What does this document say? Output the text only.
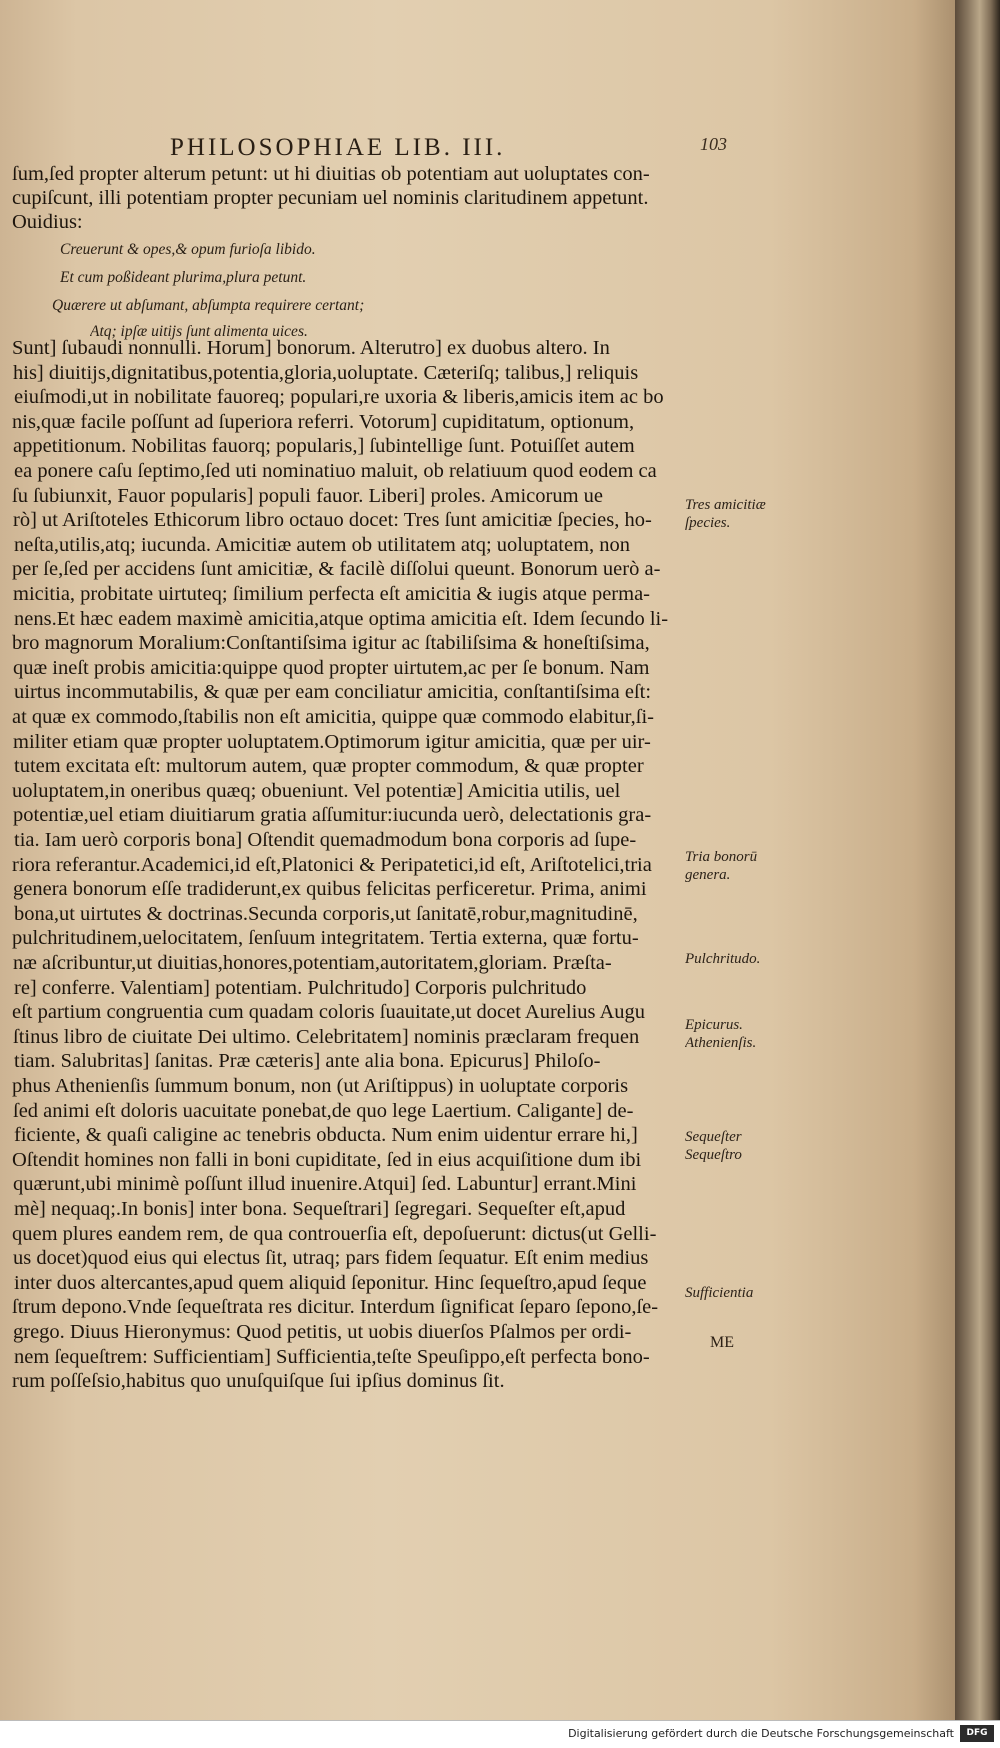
PHILOSOPHIAE LIB. III.	103
ſum,ſed propter alterum petunt: ut hi diuitias ob potentiam aut uoluptates con-
cupiſcunt, illi potentiam propter pecuniam uel nominis claritudinem appetunt.
Ouidius:
Creuerunt & opes,& opum furioſa libido.
Et cum poßideant plurima,plura petunt.
Quærere ut abſumant, abſumpta requirere certant;
Atq; ipſæ uitijs ſunt alimenta uices.
Sunt] ſubaudi nonnulli. Horum] bonorum. Alterutro] ex duobus altero. In
his] diuitijs,dignitatibus,potentia,gloria,uoluptate. Cæteriſq; talibus,] reliquis
eiuſmodi,ut in nobilitate fauoreq; populari,re uxoria & liberis,amicis item ac bo
nis,quæ facile poſſunt ad ſuperiora referri. Votorum] cupiditatum, optionum,
appetitionum. Nobilitas fauorq; popularis,] ſubintellige ſunt. Potuiſſet autem
ea ponere caſu ſeptimo,ſed uti nominatiuo maluit, ob relatiuum quod eodem ca
ſu ſubiunxit, Fauor popularis] populi fauor. Liberi] proles. Amicorum ue
rò] ut Ariſtoteles Ethicorum libro octauo docet: Tres ſunt amicitiæ ſpecies, ho-
neſta,utilis,atq; iucunda. Amicitiæ autem ob utilitatem atq; uoluptatem, non
per ſe,ſed per accidens ſunt amicitiæ, & facilè diſſolui queunt. Bonorum uerò a-
micitia, probitate uirtuteq; ſimilium perfecta eſt amicitia & iugis atque perma-
nens.Et hæc eadem maximè amicitia,atque optima amicitia eſt. Idem ſecundo li-
bro magnorum Moralium:Conſtantiſsima igitur ac ſtabiliſsima & honeſtiſsima,
quæ ineſt probis amicitia:quippe quod propter uirtutem,ac per ſe bonum. Nam
uirtus incommutabilis, & quæ per eam conciliatur amicitia, conſtantiſsima eſt:
at quæ ex commodo,ſtabilis non eſt amicitia, quippe quæ commodo elabitur,ſi-
militer etiam quæ propter uoluptatem.Optimorum igitur amicitia, quæ per uir-
tutem excitata eſt: multorum autem, quæ propter commodum, & quæ propter
uoluptatem,in oneribus quæq; obueniunt. Vel potentiæ] Amicitia utilis, uel
potentiæ,uel etiam diuitiarum gratia aſſumitur:iucunda uerò, delectationis gra-
tia. Iam uerò corporis bona] Oſtendit quemadmodum bona corporis ad ſupe-
riora referantur.Academici,id eſt,Platonici & Peripatetici,id eſt, Ariſtotelici,tria
genera bonorum eſſe tradiderunt,ex quibus felicitas perficeretur. Prima, animi
bona,ut uirtutes & doctrinas.Secunda corporis,ut ſanitatē,robur,magnitudinē,
pulchritudinem,uelocitatem, ſenſuum integritatem. Tertia externa, quæ fortu-
næ aſcribuntur,ut diuitias,honores,potentiam,autoritatem,gloriam. Præſta-
re] conferre. Valentiam] potentiam. Pulchritudo] Corporis pulchritudo
eſt partium congruentia cum quadam coloris ſuauitate,ut docet Aurelius Augu
ſtinus libro de ciuitate Dei ultimo. Celebritatem] nominis præclaram frequen
tiam. Salubritas] ſanitas. Præ cæteris] ante alia bona. Epicurus] Philoſo-
phus Athenienſis ſummum bonum, non (ut Ariſtippus) in uoluptate corporis
ſed animi eſt doloris uacuitate ponebat,de quo lege Laertium. Caligante] de-
ficiente, & quaſi caligine ac tenebris obducta. Num enim uidentur errare hi,]
Oſtendit homines non falli in boni cupiditate, ſed in eius acquiſitione dum ibi
quærunt,ubi minimè poſſunt illud inuenire.Atqui] ſed. Labuntur] errant.Mini
mè] nequaq;.In bonis] inter bona. Sequeſtrari] ſegregari. Sequeſter eſt,apud
quem plures eandem rem, de qua controuerſia eſt, depoſuerunt: dictus(ut Gelli-
us docet)quod eius qui electus ſit, utraq; pars fidem ſequatur. Eſt enim medius
inter duos altercantes,apud quem aliquid ſeponitur. Hinc ſequeſtro,apud ſeque
ſtrum depono.Vnde ſequeſtrata res dicitur. Interdum ſignificat ſeparo ſepono,ſe-
grego. Diuus Hieronymus: Quod petitis, ut uobis diuerſos Pſalmos per ordi-
nem ſequeſtrem: Sufficientiam] Sufficientia,teſte Speuſippo,eſt perfecta bono-
rum poſſeſsio,habitus quo unuſquiſque ſui ipſius dominus ſit.
Tres amicitiæ
ſpecies.
Tria bonorū
genera.
Pulchritudo.
Epicurus.
Athenienſis.
Sequeſter
Sequeſtro
Sufficientia
ME
Digitalisierung gefördert durch die Deutsche Forschungsgemeinschaft	DFG
